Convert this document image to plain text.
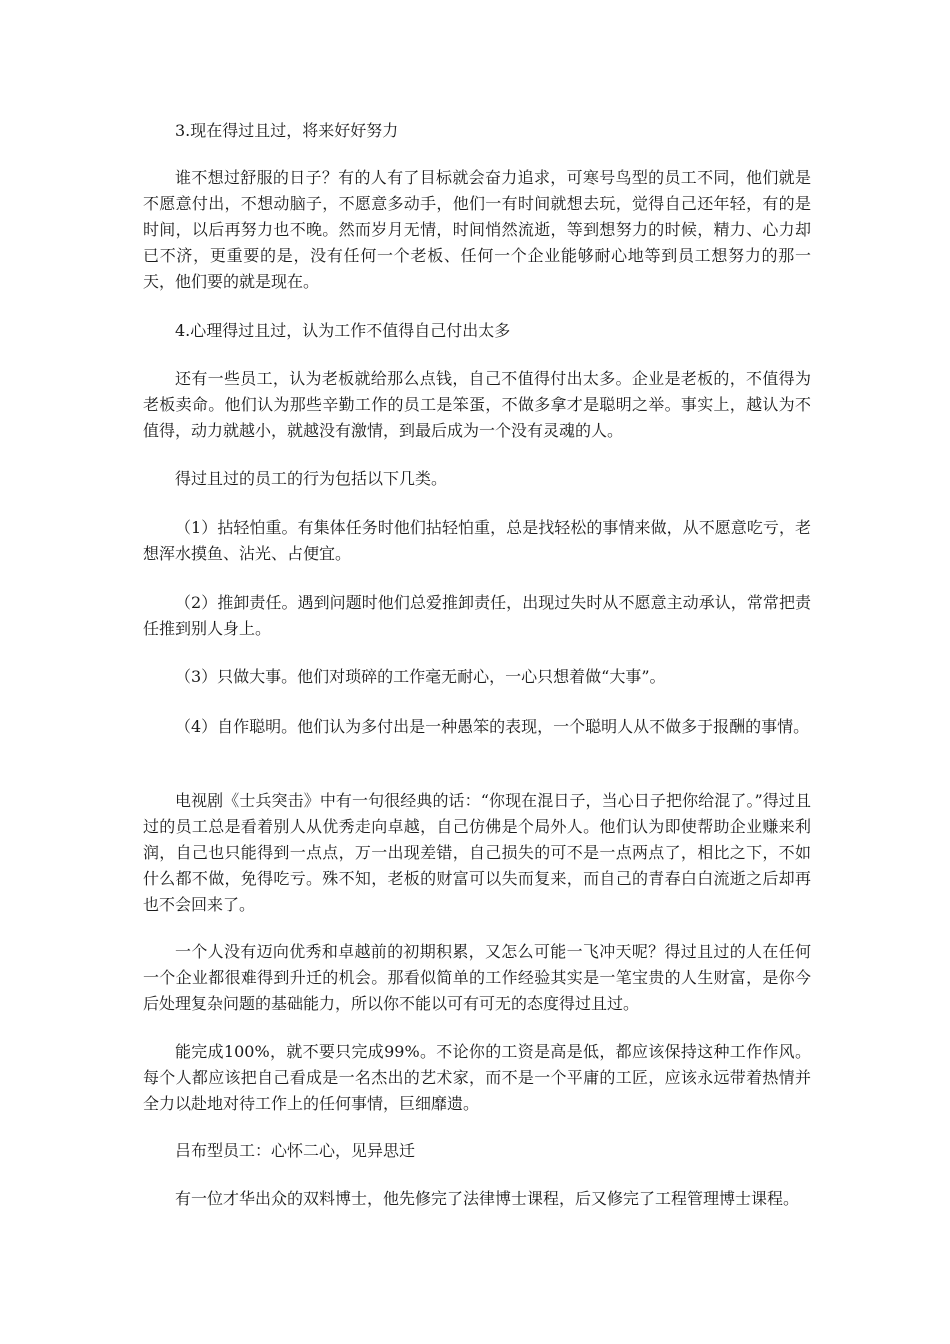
3.现在得过且过，将来好好努力

谁不想过舒服的日子？有的人有了目标就会奋力追求，可寒号鸟型的员工不同，他们就是不愿意付出，不想动脑子，不愿意多动手，他们一有时间就想去玩，觉得自己还年轻，有的是时间，以后再努力也不晚。然而岁月无情，时间悄然流逝，等到想努力的时候，精力、心力却已不济，更重要的是，没有任何一个老板、任何一个企业能够耐心地等到员工想努力的那一天，他们要的就是现在。

4.心理得过且过，认为工作不值得自己付出太多

还有一些员工，认为老板就给那么点钱，自己不值得付出太多。企业是老板的，不值得为老板卖命。他们认为那些辛勤工作的员工是笨蛋，不做多拿才是聪明之举。事实上，越认为不值得，动力就越小，就越没有激情，到最后成为一个没有灵魂的人。

得过且过的员工的行为包括以下几类。

（1）拈轻怕重。有集体任务时他们拈轻怕重，总是找轻松的事情来做，从不愿意吃亏，老想浑水摸鱼、沾光、占便宜。

（2）推卸责任。遇到问题时他们总爱推卸责任，出现过失时从不愿意主动承认，常常把责任推到别人身上。

（3）只做大事。他们对琐碎的工作毫无耐心，一心只想着做“大事”。

（4）自作聪明。他们认为多付出是一种愚笨的表现，一个聪明人从不做多于报酬的事情。

电视剧《士兵突击》中有一句很经典的话：“你现在混日子，当心日子把你给混了。”得过且过的员工总是看着别人从优秀走向卓越，自己仿佛是个局外人。他们认为即使帮助企业赚来利润，自己也只能得到一点点，万一出现差错，自己损失的可不是一点两点了，相比之下，不如什么都不做，免得吃亏。殊不知，老板的财富可以失而复来，而自己的青春白白流逝之后却再也不会回来了。

一个人没有迈向优秀和卓越前的初期积累，又怎么可能一飞冲天呢？得过且过的人在任何一个企业都很难得到升迁的机会。那看似简单的工作经验其实是一笔宝贵的人生财富，是你今后处理复杂问题的基础能力，所以你不能以可有可无的态度得过且过。

能完成100%，就不要只完成99%。不论你的工资是高是低，都应该保持这种工作作风。每个人都应该把自己看成是一名杰出的艺术家，而不是一个平庸的工匠，应该永远带着热情并全力以赴地对待工作上的任何事情，巨细靡遗。

吕布型员工：心怀二心，见异思迁

有一位才华出众的双料博士，他先修完了法律博士课程，后又修完了工程管理博士课程。
